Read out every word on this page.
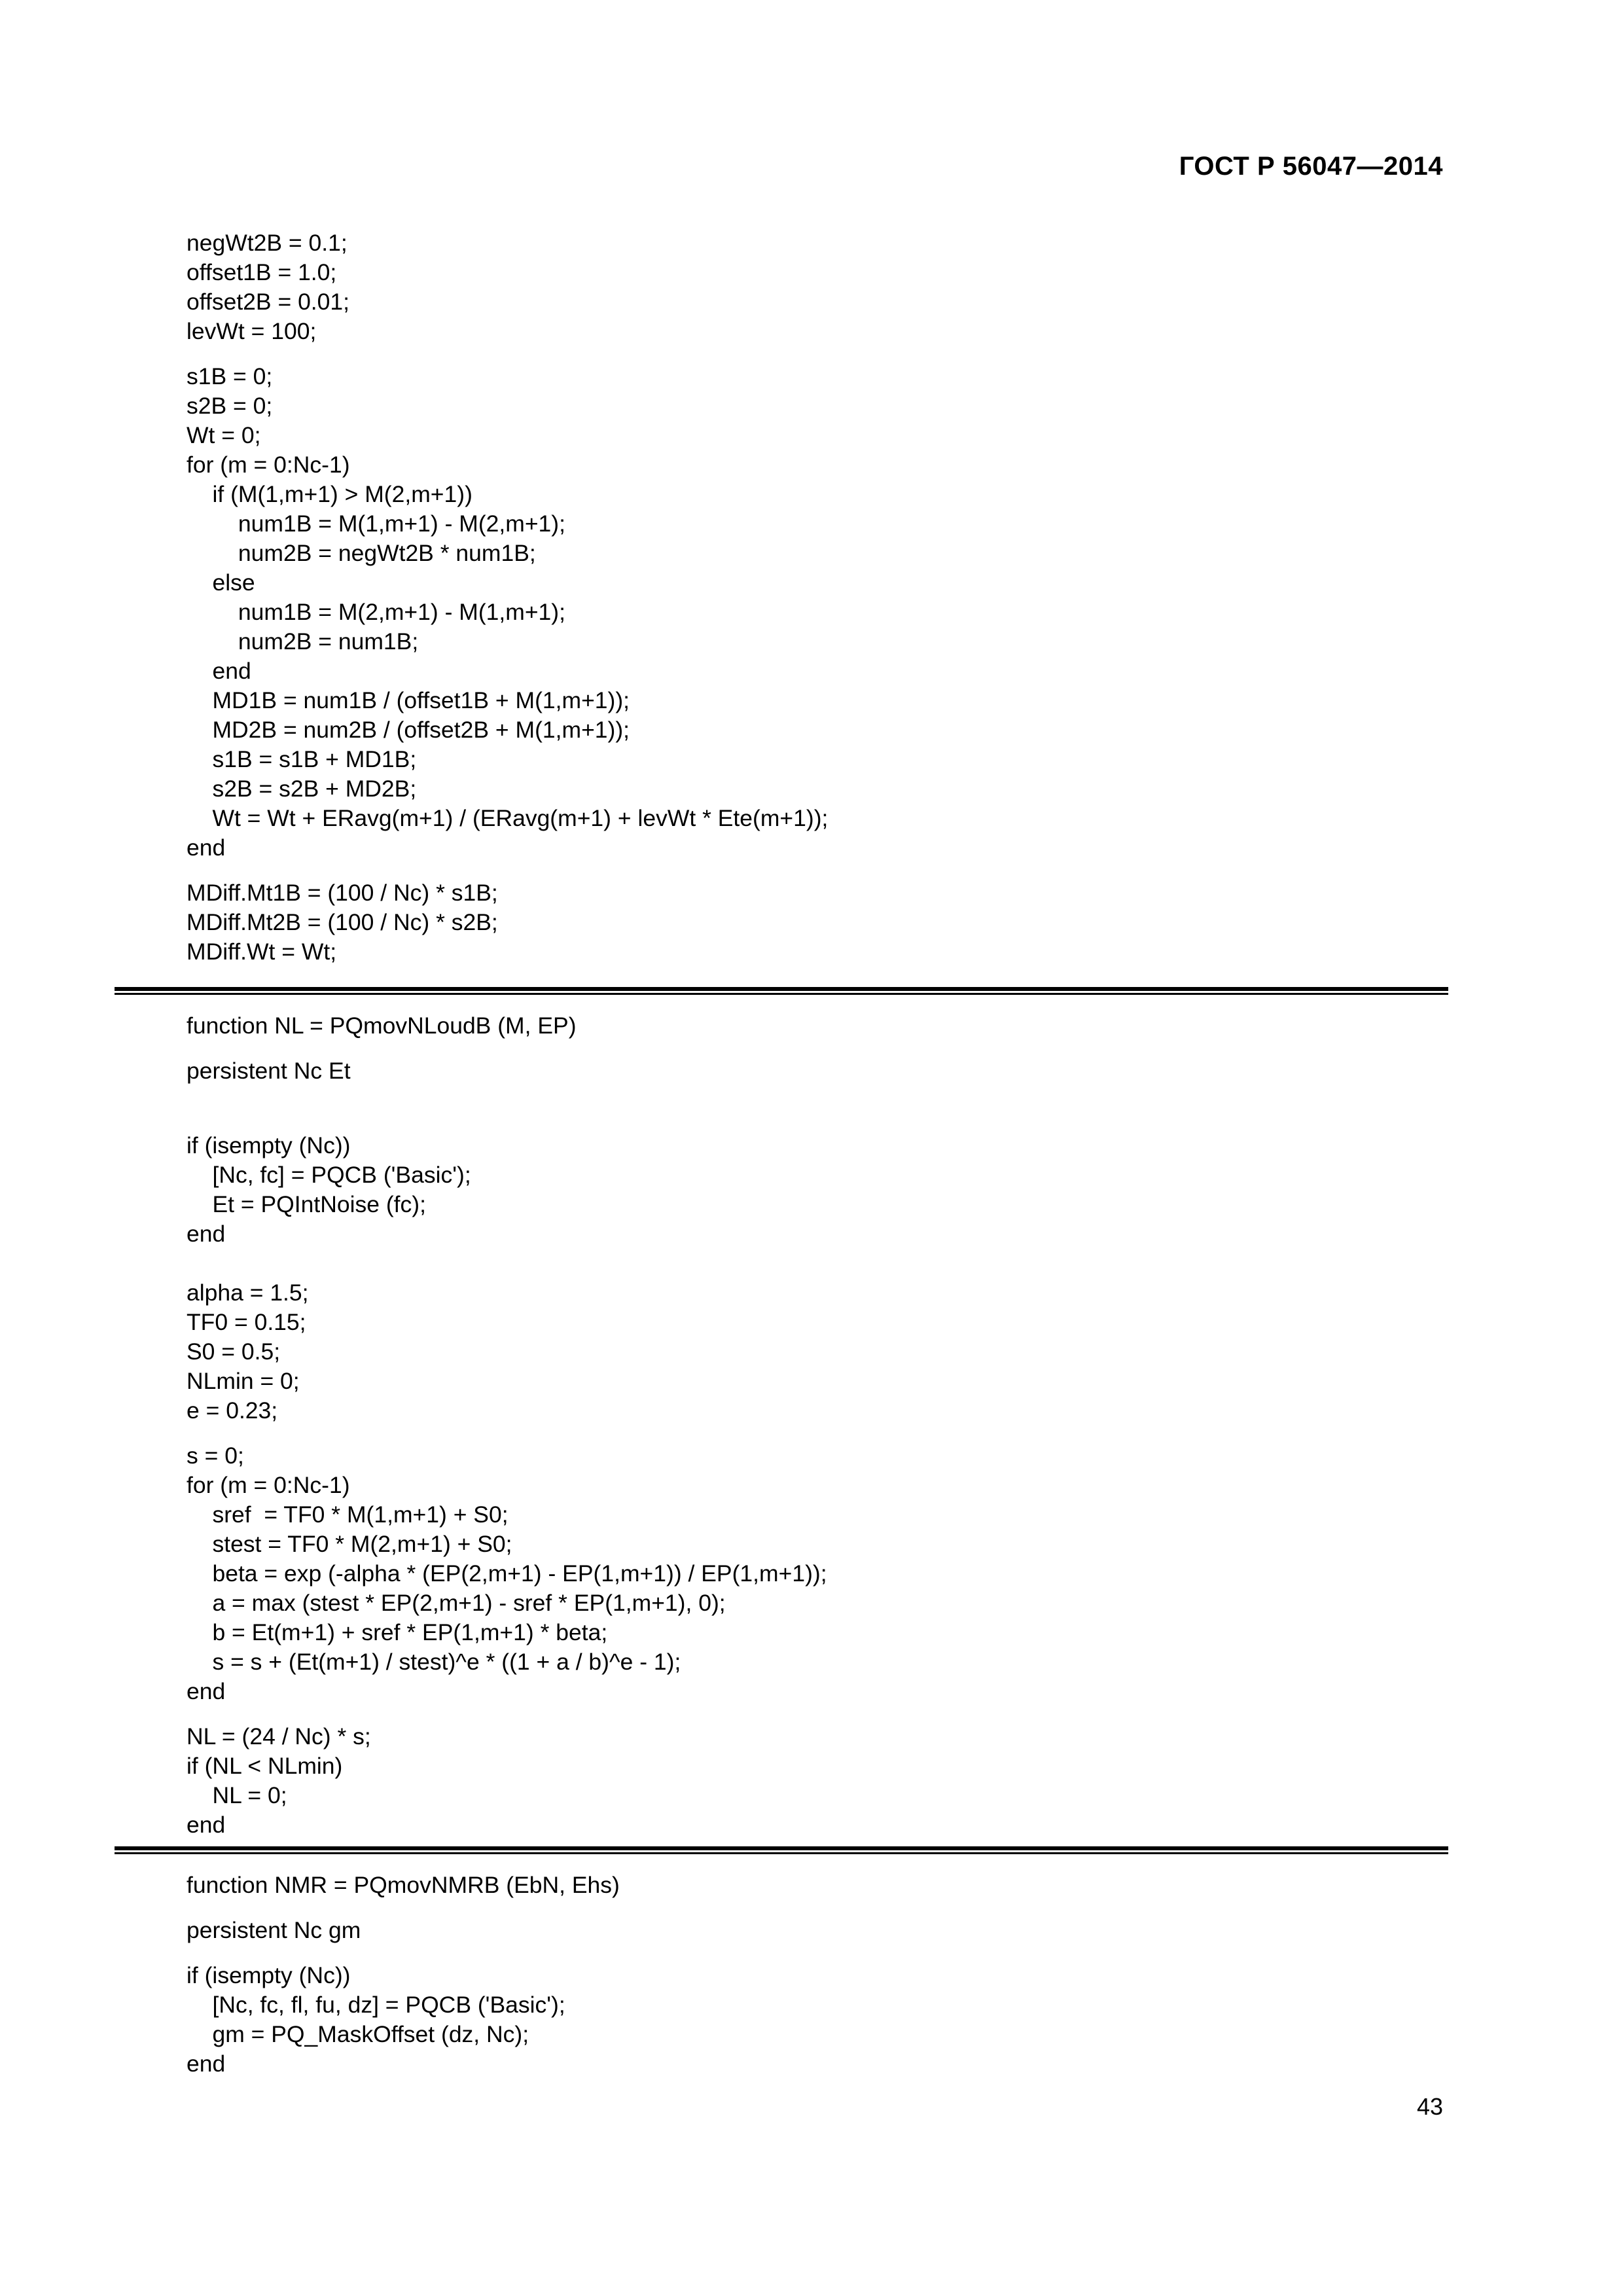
ГОСТ Р 56047—2014
negWt2B = 0.1;
offset1B = 1.0;
offset2B = 0.01;
levWt = 100;
s1B = 0;
s2B = 0;
Wt = 0;
for (m = 0:Nc-1)
if (M(1,m+1) > M(2,m+1))
num1B = M(1,m+1) - M(2,m+1);
num2B = negWt2B * num1B;
else
num1B = M(2,m+1) - M(1,m+1);
num2B = num1B;
end
MD1B = num1B / (offset1B + M(1,m+1));
MD2B = num2B / (offset2B + M(1,m+1));
s1B = s1B + MD1B;
s2B = s2B + MD2B;
Wt = Wt + ERavg(m+1) / (ERavg(m+1) + levWt * Ete(m+1));
end
MDiff.Mt1B = (100 / Nc) * s1B;
MDiff.Mt2B = (100 / Nc) * s2B;
MDiff.Wt = Wt;
function NL = PQmovNLoudB (M, EP)
persistent Nc Et
if (isempty (Nc))
[Nc, fc] = PQCB ('Basic');
Et = PQIntNoise (fc);
end
alpha = 1.5;
TF0 = 0.15;
S0 = 0.5;
NLmin = 0;
e = 0.23;
s = 0;
for (m = 0:Nc-1)
sref  = TF0 * M(1,m+1) + S0;
stest = TF0 * M(2,m+1) + S0;
beta = exp (-alpha * (EP(2,m+1) - EP(1,m+1)) / EP(1,m+1));
a = max (stest * EP(2,m+1) - sref * EP(1,m+1), 0);
b = Et(m+1) + sref * EP(1,m+1) * beta;
s = s + (Et(m+1) / stest)^e * ((1 + a / b)^e - 1);
end
NL = (24 / Nc) * s;
if (NL < NLmin)
NL = 0;
end
function NMR = PQmovNMRB (EbN, Ehs)
persistent Nc gm
if (isempty (Nc))
[Nc, fc, fl, fu, dz] = PQCB ('Basic');
gm = PQ_MaskOffset (dz, Nc);
end
43
